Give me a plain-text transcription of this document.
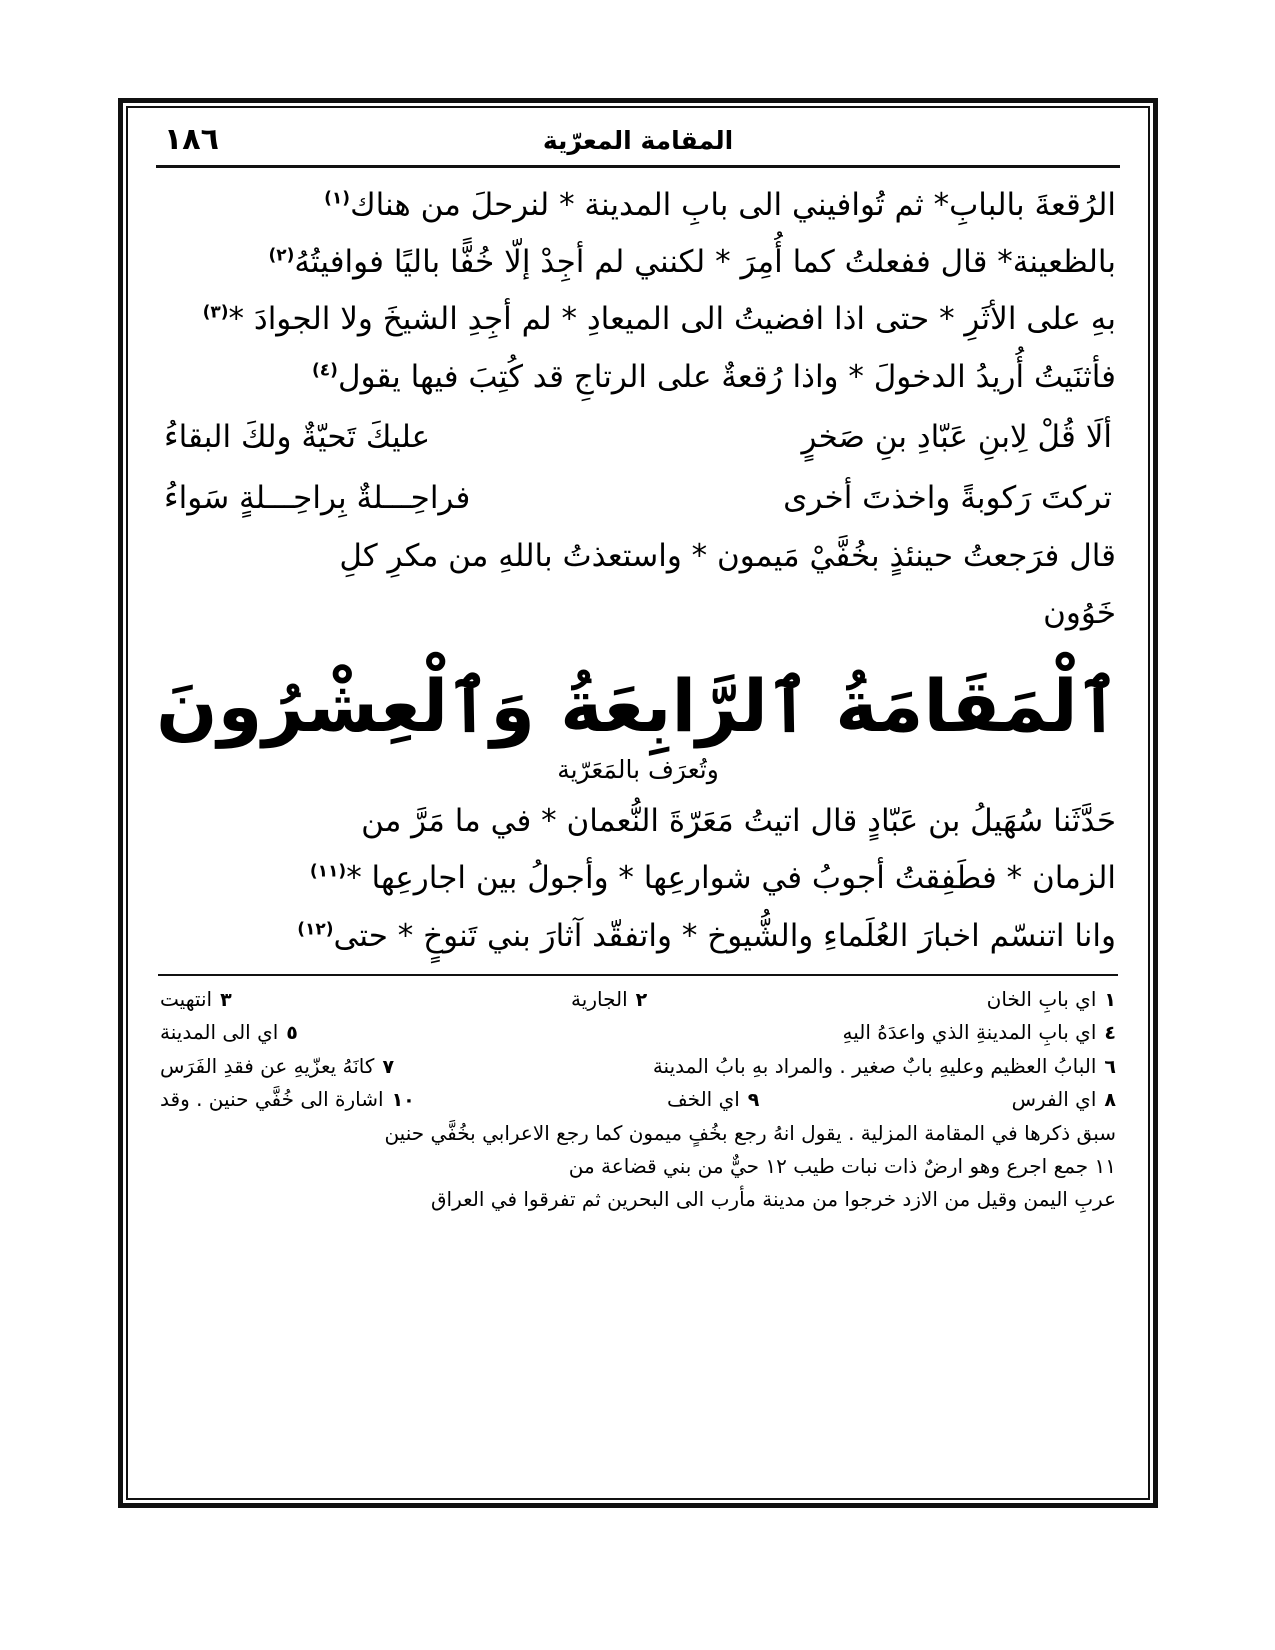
المقامة المعرّية
١٨٦

الرُقعةَ بالبابِ* ثم تُوافيني الى بابِ المدينة * لنرحلَ من هناك$^{(١)}$

بالظعينة* قال ففعلتُ كما أُمِرَ * لكنني لم أجِدْ إلّا خُفًّا باليًا فوافيتُهُ$^{(٢)}$

بهِ على الأثَرِ * حتى اذا افضيتُ الى الميعادِ * لم أجِدِ الشيخَ ولا الجوادَ *$^{(٣)}$

فأثنَيتُ أُريدُ الدخولَ * واذا رُقعةٌ على الرتاجِ قد كُتِبَ فيها يقول$^{(٤)}$

ألَا قُلْ لِابنِ عَبّادِ بنِ صَخرٍ
عليكَ تَحيّةٌ ولكَ البقاءُ
تركتَ رَكوبةً واخذتَ أخرى
فراحِـــلةٌ بِراحِـــلةٍ سَواءُ

قال فرَجعتُ حينئذٍ بخُفَّيْ مَيمون * واستعذتُ باللهِ من مكرِ كلِ

خَوُون
ٱلْمَقَامَةُ ٱلرَّابِعَةُ وَٱلْعِشْرُونَ
وتُعرَف بالمَعَرّية

حَدَّثَنا سُهَيلُ بن عَبّادٍ قال اتيتُ مَعَرّةَ النُّعمان * في ما مَرَّ من

الزمان * فطَفِقتُ أجوبُ في شوارعِها * وأجولُ بين اجارعِها *$^{(١١)}$

وانا اتنسّم اخبارَ العُلَماءِ والشُّيوخ * واتفقّد آثارَ بني تَنوخٍ * حتى$^{(١٢)}$

١
اي بابِ الخان
٢
الجارية
٣
انتهيت
٤
اي بابِ المدينةِ الذي واعدَهُ اليهِ
٥
اي الى المدينة
٦
البابُ العظيم وعليهِ بابٌ صغير . والمراد بهِ بابُ المدينة
٧
كانَهُ يعزّيهِ عن فقدِ الفَرَس
٨
اي الفرس
٩
اي الخف
١٠
اشارة الى خُفَّي حنين . وقد
سبق ذكرها في المقامة المزلية . يقول انهُ رجع بخُفٍ ميمون كما رجع الاعرابي بخُفَّي حنين
١١ جمع اجرع وهو ارضٌ ذات نبات طيب ١٢ حيٌّ من بني قضاعة من
عربِ اليمن وقيل من الازد خرجوا من مدينة مأرب الى البحرين ثم تفرقوا في العراق
